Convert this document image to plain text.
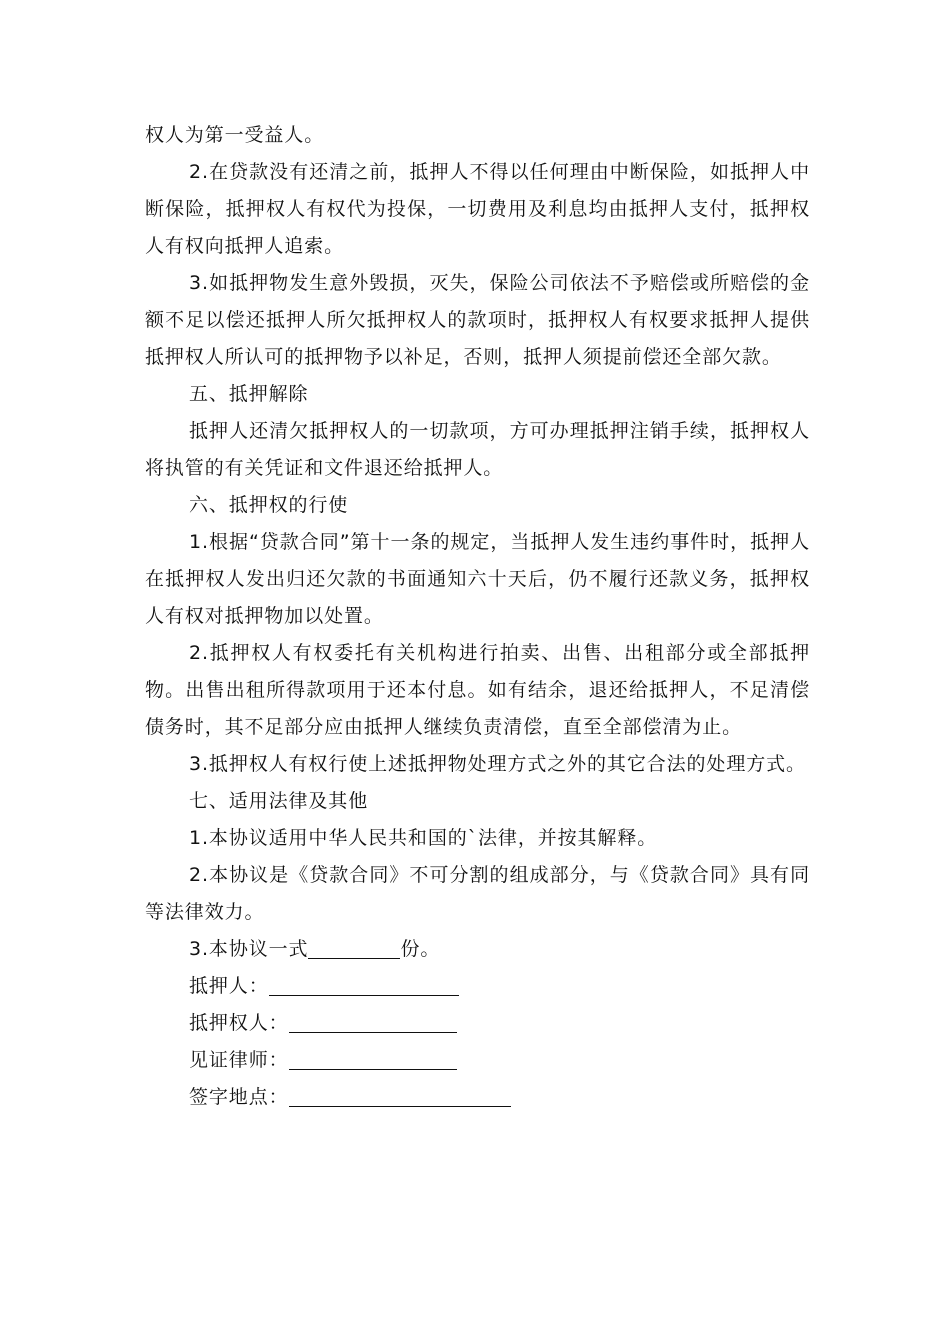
权人为第一受益人。

2.在贷款没有还清之前，抵押人不得以任何理由中断保险，如抵押人中断保险，抵押权人有权代为投保，一切费用及利息均由抵押人支付，抵押权人有权向抵押人追索。

3.如抵押物发生意外毁损，灭失，保险公司依法不予赔偿或所赔偿的金额不足以偿还抵押人所欠抵押权人的款项时，抵押权人有权要求抵押人提供抵押权人所认可的抵押物予以补足，否则，抵押人须提前偿还全部欠款。

五、抵押解除

抵押人还清欠抵押权人的一切款项，方可办理抵押注销手续，抵押权人将执管的有关凭证和文件退还给抵押人。

六、抵押权的行使

1.根据“贷款合同”第十一条的规定，当抵押人发生违约事件时，抵押人在抵押权人发出归还欠款的书面通知六十天后，仍不履行还款义务，抵押权人有权对抵押物加以处置。

2.抵押权人有权委托有关机构进行拍卖、出售、出租部分或全部抵押物。出售出租所得款项用于还本付息。如有结余，退还给抵押人，不足清偿债务时，其不足部分应由抵押人继续负责清偿，直至全部偿清为止。

3.抵押权人有权行使上述抵押物处理方式之外的其它合法的处理方式。

七、适用法律及其他

1.本协议适用中华人民共和国的`法律，并按其解释。

2.本协议是《贷款合同》不可分割的组成部分，与《贷款合同》具有同等法律效力。

3.本协议一式	份。

抵押人：

抵押权人：

见证律师：

签字地点：
